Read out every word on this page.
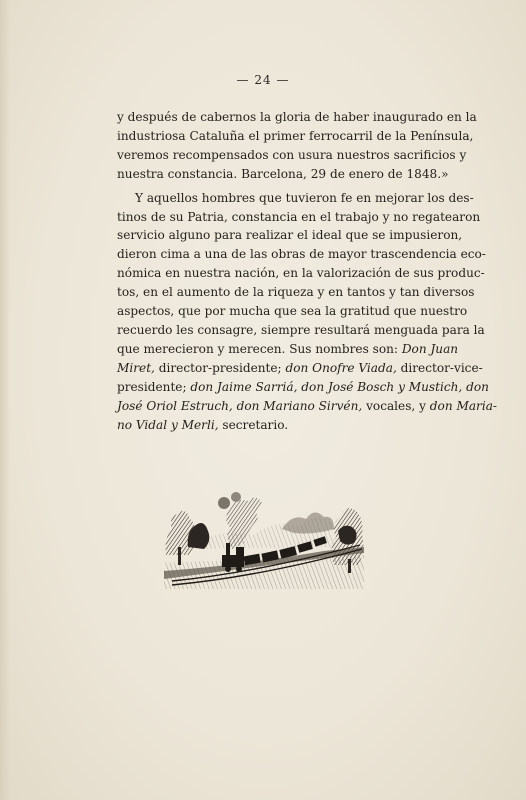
— 24 —
y después de cabernos la gloria de haber inaugurado en la
industriosa Cataluña el primer ferrocarril de la Península,
veremos recompensados con usura nuestros sacrificios y
nuestra constancia. Barcelona, 29 de enero de 1848.»
Y aquellos hombres que tuvieron fe en mejorar los des-
tinos de su Patria, constancia en el trabajo y no regatearon
servicio alguno para realizar el ideal que se impusieron,
dieron cima a una de las obras de mayor trascendencia eco-
nómica en nuestra nación, en la valorización de sus produc-
tos, en el aumento de la riqueza y en tantos y tan diversos
aspectos, que por mucha que sea la gratitud que nuestro
recuerdo les consagre, siempre resultará menguada para la
que merecieron y merecen. Sus nombres son: Don Juan
Miret, director-presidente; don Onofre Viada, director-vice-
presidente; don Jaime Sarriá, don José Bosch y Mustich, don
José Oriol Estruch, don Mariano Sirvén, vocales, y don Maria-
no Vidal y Merli, secretario.
